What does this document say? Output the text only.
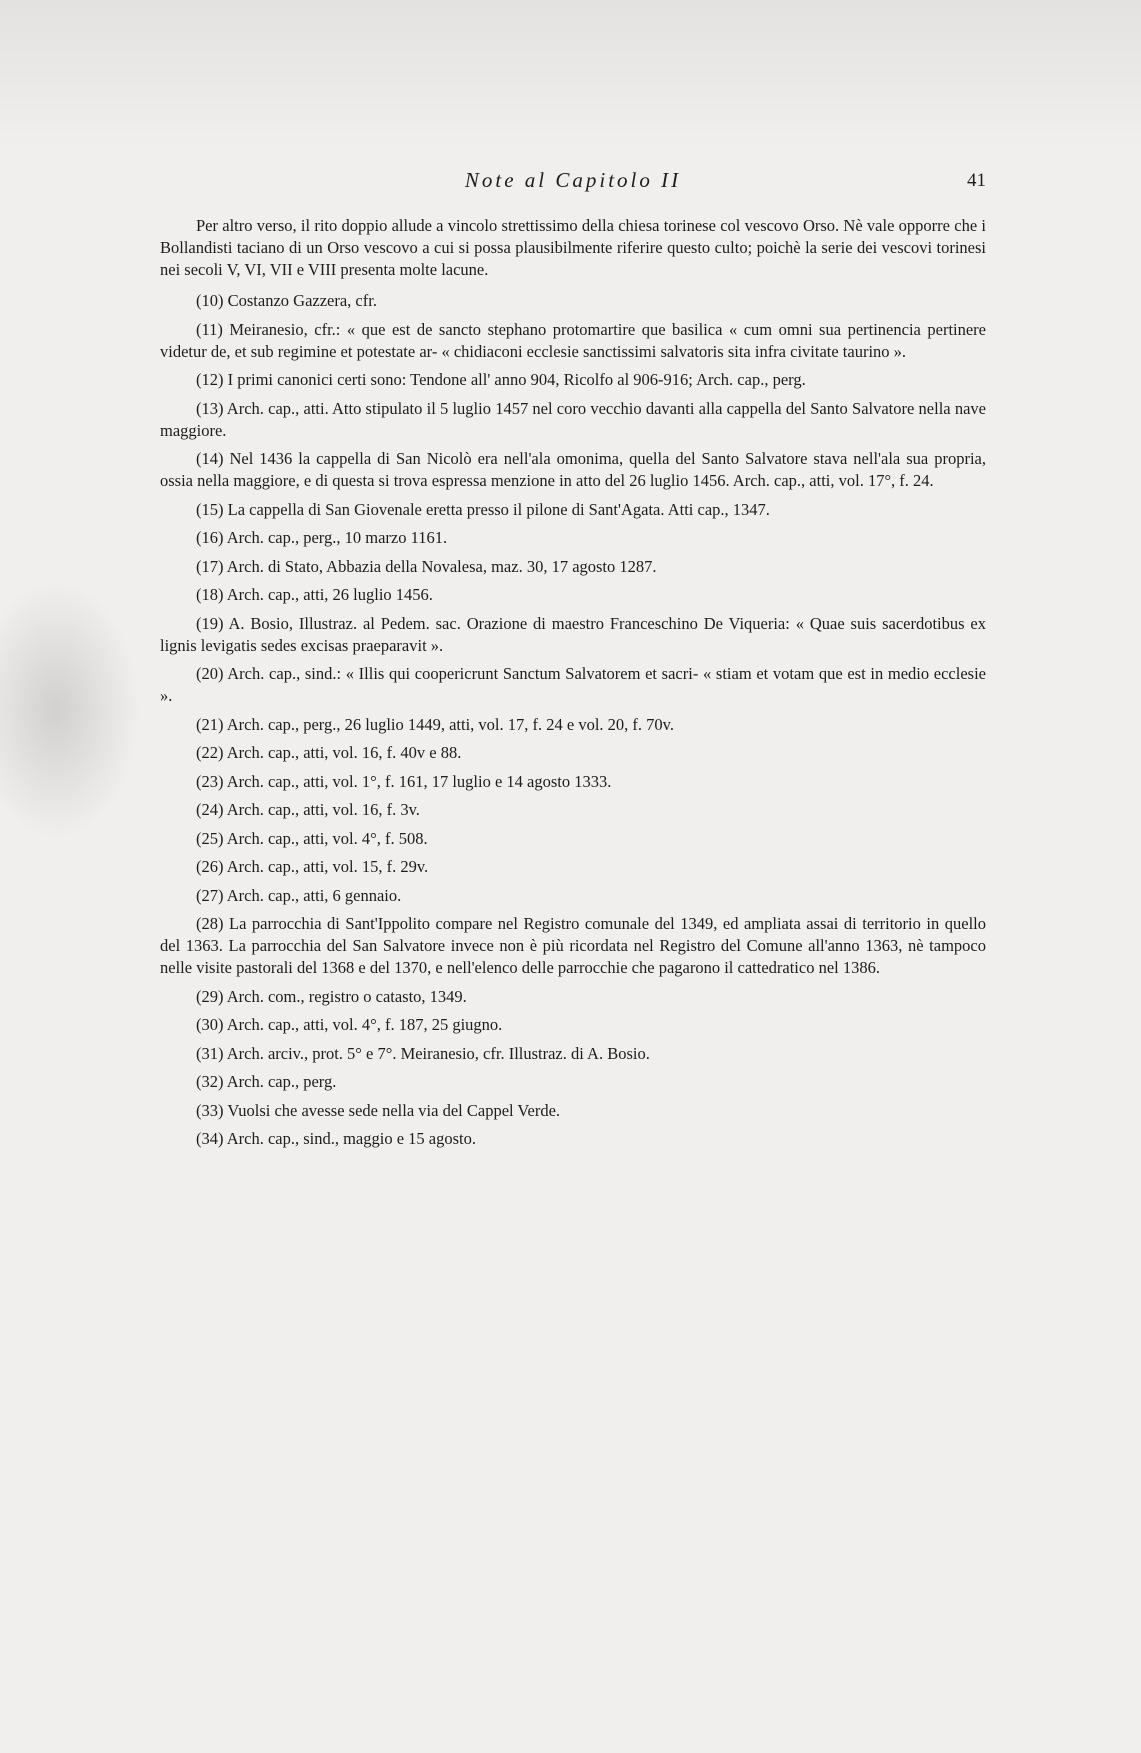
Note al Capitolo II	41

Per altro verso, il rito doppio allude a vincolo strettissimo della chiesa torinese col vescovo Orso. Nè vale opporre che i Bollandisti taciano di un Orso vescovo a cui si possa plausibilmente riferire questo culto; poichè la serie dei vescovi torinesi nei secoli V, VI, VII e VIII presenta molte lacune.

(10) Costanzo Gazzera, cfr.

(11) Meiranesio, cfr.: « que est de sancto stephano protomartire que basilica « cum omni sua pertinencia pertinere videtur de, et sub regimine et potestate ar- « chidiaconi ecclesie sanctissimi salvatoris sita infra civitate taurino ».

(12) I primi canonici certi sono: Tendone all' anno 904, Ricolfo al 906-916; Arch. cap., perg.

(13) Arch. cap., atti. Atto stipulato il 5 luglio 1457 nel coro vecchio davanti alla cappella del Santo Salvatore nella nave maggiore.

(14) Nel 1436 la cappella di San Nicolò era nell'ala omonima, quella del Santo Salvatore stava nell'ala sua propria, ossia nella maggiore, e di questa si trova espressa menzione in atto del 26 luglio 1456. Arch. cap., atti, vol. 17°, f. 24.

(15) La cappella di San Giovenale eretta presso il pilone di Sant'Agata. Atti cap., 1347.

(16) Arch. cap., perg., 10 marzo 1161.

(17) Arch. di Stato, Abbazia della Novalesa, maz. 30, 17 agosto 1287.

(18) Arch. cap., atti, 26 luglio 1456.

(19) A. Bosio, Illustraz. al Pedem. sac. Orazione di maestro Franceschino De Viqueria: « Quae suis sacerdotibus ex lignis levigatis sedes excisas praeparavit ».

(20) Arch. cap., sind.: « Illis qui coopericrunt Sanctum Salvatorem et sacri- « stiam et votam que est in medio ecclesie ».

(21) Arch. cap., perg., 26 luglio 1449, atti, vol. 17, f. 24 e vol. 20, f. 70v.

(22) Arch. cap., atti, vol. 16, f. 40v e 88.

(23) Arch. cap., atti, vol. 1°, f. 161, 17 luglio e 14 agosto 1333.

(24) Arch. cap., atti, vol. 16, f. 3v.

(25) Arch. cap., atti, vol. 4°, f. 508.

(26) Arch. cap., atti, vol. 15, f. 29v.

(27) Arch. cap., atti, 6 gennaio.

(28) La parrocchia di Sant'Ippolito compare nel Registro comunale del 1349, ed ampliata assai di territorio in quello del 1363. La parrocchia del San Salvatore invece non è più ricordata nel Registro del Comune all'anno 1363, nè tampoco nelle visite pastorali del 1368 e del 1370, e nell'elenco delle parrocchie che pagarono il cattedratico nel 1386.

(29) Arch. com., registro o catasto, 1349.

(30) Arch. cap., atti, vol. 4°, f. 187, 25 giugno.

(31) Arch. arciv., prot. 5° e 7°. Meiranesio, cfr. Illustraz. di A. Bosio.

(32) Arch. cap., perg.

(33) Vuolsi che avesse sede nella via del Cappel Verde.

(34) Arch. cap., sind., maggio e 15 agosto.
